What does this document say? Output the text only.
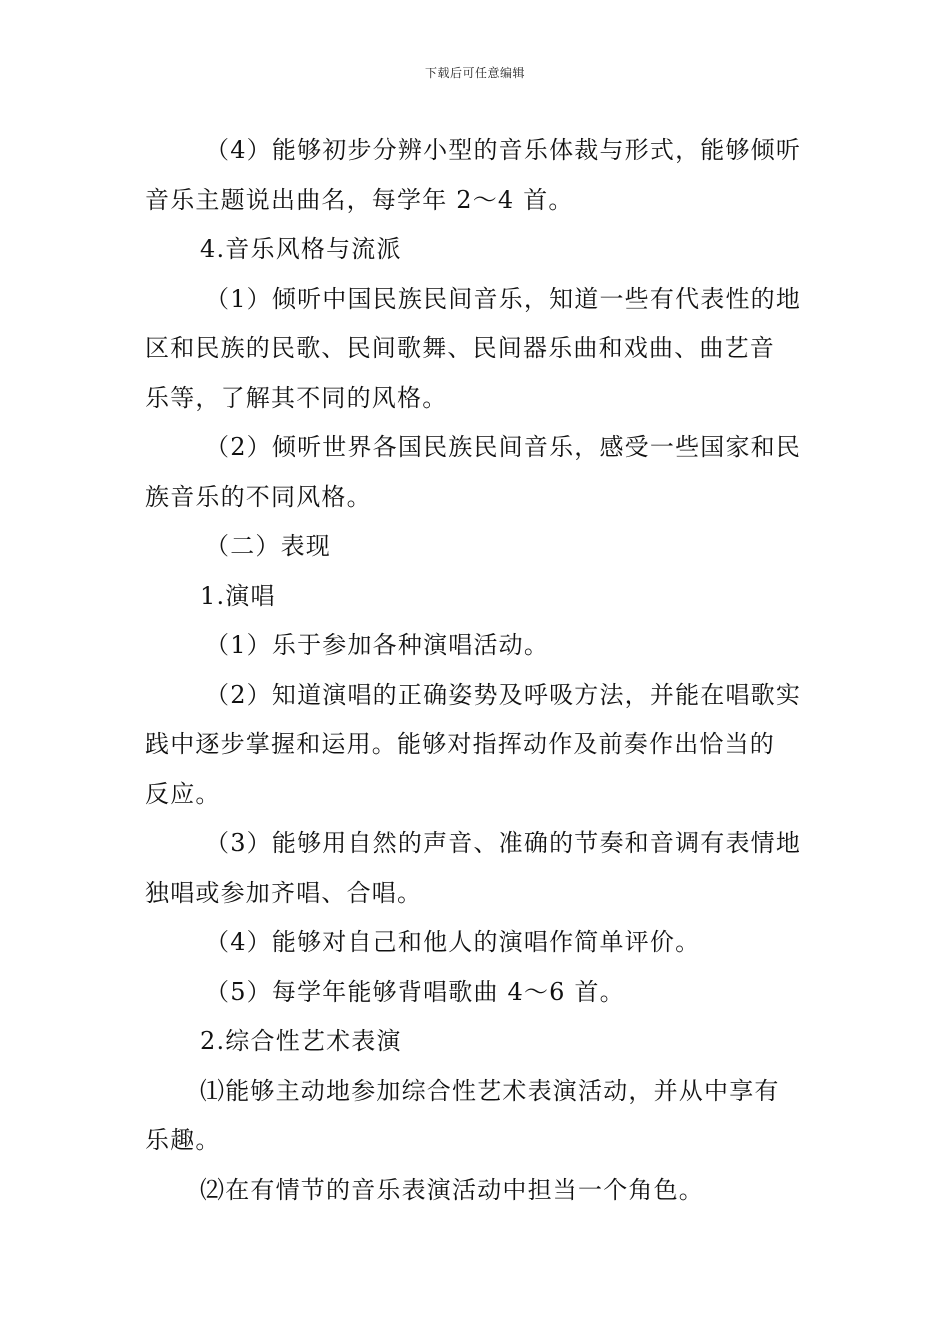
下载后可任意编辑

（4）能够初步分辨小型的音乐体裁与形式，能够倾听

音乐主题说出曲名，每学年 2～4 首。

4.音乐风格与流派

（1）倾听中国民族民间音乐，知道一些有代表性的地

区和民族的民歌、民间歌舞、民间器乐曲和戏曲、曲艺音

乐等，了解其不同的风格。

（2）倾听世界各国民族民间音乐，感受一些国家和民

族音乐的不同风格。

（二）表现

1.演唱

（1）乐于参加各种演唱活动。

（2）知道演唱的正确姿势及呼吸方法，并能在唱歌实

践中逐步掌握和运用。能够对指挥动作及前奏作出恰当的

反应。

（3）能够用自然的声音、准确的节奏和音调有表情地

独唱或参加齐唱、合唱。

（4）能够对自己和他人的演唱作简单评价。

（5）每学年能够背唱歌曲 4～6 首。

2.综合性艺术表演

⑴能够主动地参加综合性艺术表演活动，并从中享有

乐趣。

⑵在有情节的音乐表演活动中担当一个角色。
